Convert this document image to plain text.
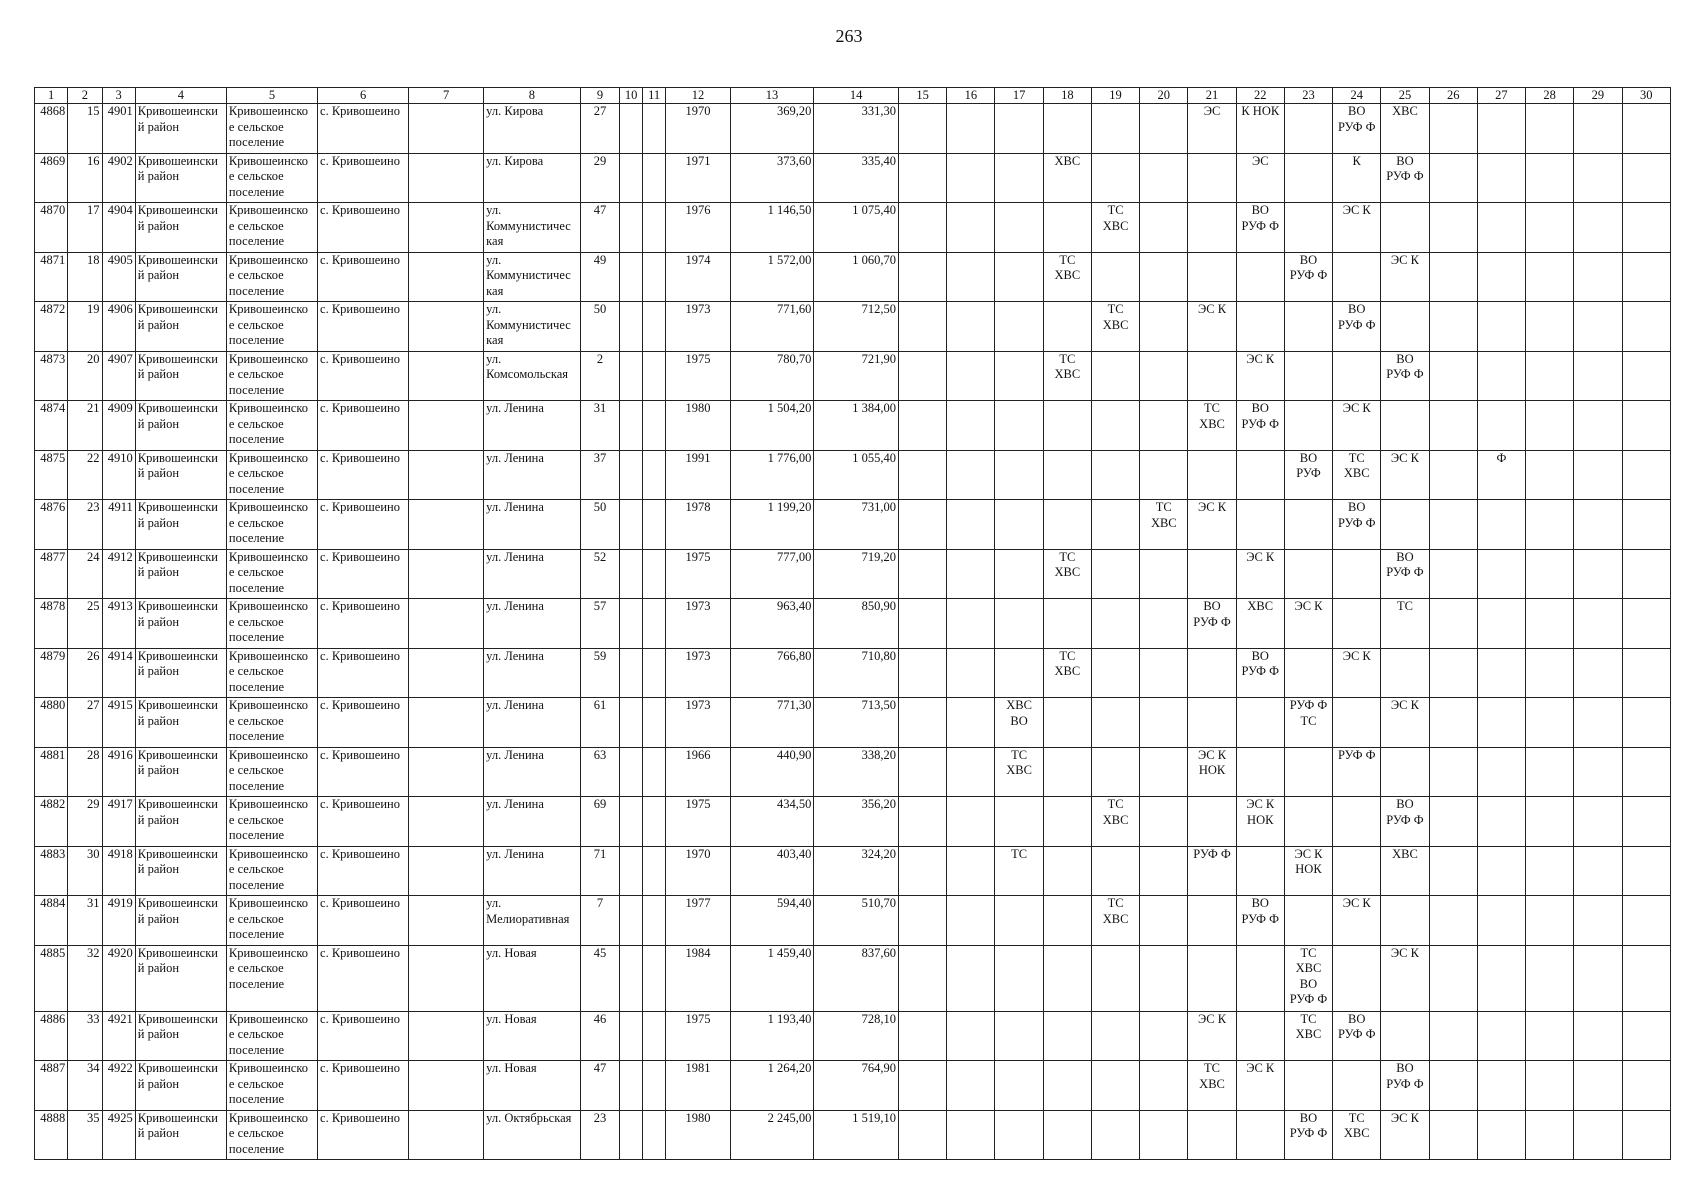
263
1	2	3	4	5	6	7	8	9	10	11	12	13	14	15	16	17	18	19	20	21	22	23	24	25	26	27	28	29	30
4868	15	4901	Кривошеински й район	Кривошеинско е сельское поселение	с. Кривошеино		ул. Кирова	27			1970	369,20	331,30							ЭС	К НОК		ВО РУФ Ф	ХВС					
4869	16	4902	Кривошеински й район	Кривошеинско е сельское поселение	с. Кривошеино		ул. Кирова	29			1971	373,60	335,40				ХВС				ЭС		К	ВО РУФ Ф					
4870	17	4904	Кривошеински й район	Кривошеинско е сельское поселение	с. Кривошеино		ул. Коммунистичес кая	47			1976	1 146,50	1 075,40					ТС ХВС			ВО РУФ Ф		ЭС К						
4871	18	4905	Кривошеински й район	Кривошеинско е сельское поселение	с. Кривошеино		ул. Коммунистичес кая	49			1974	1 572,00	1 060,70				ТС ХВС					ВО РУФ Ф		ЭС К					
4872	19	4906	Кривошеински й район	Кривошеинско е сельское поселение	с. Кривошеино		ул. Коммунистичес кая	50			1973	771,60	712,50					ТС ХВС		ЭС К			ВО РУФ Ф						
4873	20	4907	Кривошеински й район	Кривошеинско е сельское поселение	с. Кривошеино		ул. Комсомольская	2			1975	780,70	721,90				ТС ХВС				ЭС К			ВО РУФ Ф					
4874	21	4909	Кривошеински й район	Кривошеинско е сельское поселение	с. Кривошеино		ул. Ленина	31			1980	1 504,20	1 384,00							ТС ХВС	ВО РУФ Ф		ЭС К						
4875	22	4910	Кривошеински й район	Кривошеинско е сельское поселение	с. Кривошеино		ул. Ленина	37			1991	1 776,00	1 055,40									ВО РУФ	ТС ХВС	ЭС К		Ф			
4876	23	4911	Кривошеински й район	Кривошеинско е сельское поселение	с. Кривошеино		ул. Ленина	50			1978	1 199,20	731,00						ТС ХВС	ЭС К			ВО РУФ Ф						
4877	24	4912	Кривошеински й район	Кривошеинско е сельское поселение	с. Кривошеино		ул. Ленина	52			1975	777,00	719,20				ТС ХВС				ЭС К			ВО РУФ Ф					
4878	25	4913	Кривошеински й район	Кривошеинско е сельское поселение	с. Кривошеино		ул. Ленина	57			1973	963,40	850,90							ВО РУФ Ф	ХВС	ЭС К		ТС					
4879	26	4914	Кривошеински й район	Кривошеинско е сельское поселение	с. Кривошеино		ул. Ленина	59			1973	766,80	710,80				ТС ХВС				ВО РУФ Ф		ЭС К						
4880	27	4915	Кривошеински й район	Кривошеинско е сельское поселение	с. Кривошеино		ул. Ленина	61			1973	771,30	713,50			ХВС ВО						РУФ Ф ТС		ЭС К					
4881	28	4916	Кривошеински й район	Кривошеинско е сельское поселение	с. Кривошеино		ул. Ленина	63			1966	440,90	338,20			ТС ХВС				ЭС К НОК			РУФ Ф						
4882	29	4917	Кривошеински й район	Кривошеинско е сельское поселение	с. Кривошеино		ул. Ленина	69			1975	434,50	356,20					ТС ХВС			ЭС К НОК			ВО РУФ Ф					
4883	30	4918	Кривошеински й район	Кривошеинско е сельское поселение	с. Кривошеино		ул. Ленина	71			1970	403,40	324,20			ТС				РУФ Ф		ЭС К НОК		ХВС					
4884	31	4919	Кривошеински й район	Кривошеинско е сельское поселение	с. Кривошеино		ул. Мелиоративная	7			1977	594,40	510,70					ТС ХВС			ВО РУФ Ф		ЭС К						
4885	32	4920	Кривошеински й район	Кривошеинско е сельское поселение	с. Кривошеино		ул. Новая	45			1984	1 459,40	837,60									ТС ХВС ВО РУФ Ф		ЭС К					
4886	33	4921	Кривошеински й район	Кривошеинско е сельское поселение	с. Кривошеино		ул. Новая	46			1975	1 193,40	728,10							ЭС К		ТС ХВС	ВО РУФ Ф						
4887	34	4922	Кривошеински й район	Кривошеинско е сельское поселение	с. Кривошеино		ул. Новая	47			1981	1 264,20	764,90							ТС ХВС	ЭС К			ВО РУФ Ф					
4888	35	4925	Кривошеински й район	Кривошеинско е сельское поселение	с. Кривошеино		ул. Октябрьская	23			1980	2 245,00	1 519,10									ВО РУФ Ф	ТС ХВС	ЭС К					
